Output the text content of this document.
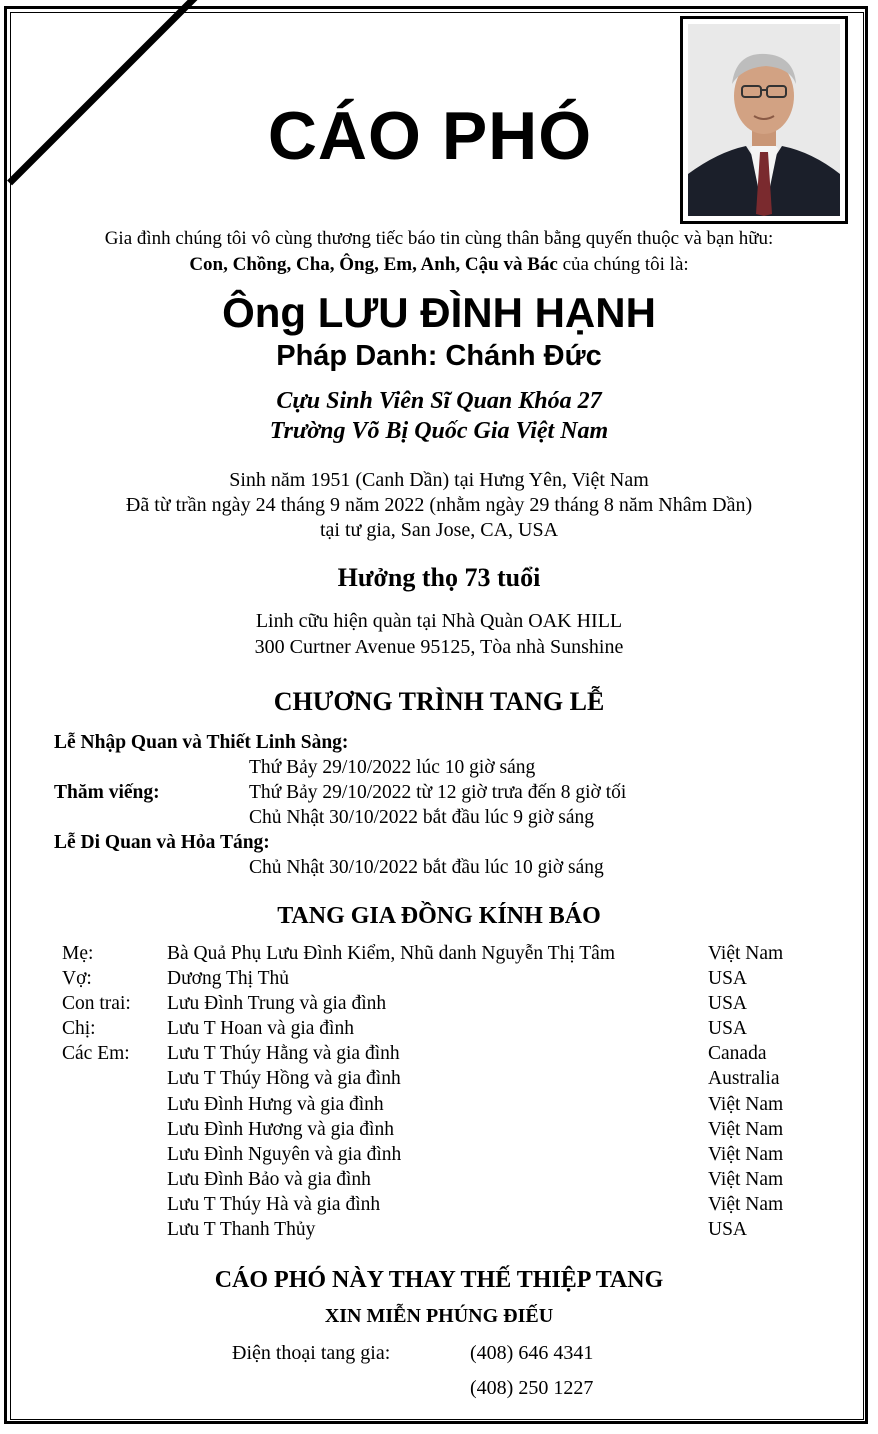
CÁO PHÓ
Gia đình chúng tôi vô cùng thương tiếc báo tin cùng thân bằng quyến thuộc và bạn hữu:
Con, Chồng, Cha, Ông, Em, Anh, Cậu và Bác của chúng tôi là:
Ông LƯU ĐÌNH HẠNH
Pháp Danh: Chánh Đức
Cựu Sinh Viên Sĩ Quan Khóa 27
Trường Võ Bị Quốc Gia Việt Nam
Sinh năm 1951 (Canh Dần) tại Hưng Yên, Việt Nam
Đã từ trần ngày 24 tháng 9 năm 2022 (nhằm ngày 29 tháng 8 năm Nhâm Dần)
tại tư gia, San Jose, CA, USA
Hưởng thọ 73 tuổi
Linh cữu hiện quàn tại Nhà Quàn OAK HILL
300 Curtner Avenue 95125, Tòa nhà Sunshine
CHƯƠNG TRÌNH TANG LỄ
Lễ Nhập Quan và Thiết Linh Sàng:
Thứ Bảy 29/10/2022 lúc 10 giờ sáng
Thăm viếng:	Thứ Bảy 29/10/2022 từ 12 giờ trưa đến 8 giờ tối
Chủ Nhật 30/10/2022 bắt đầu lúc 9 giờ sáng
Lễ Di Quan và Hỏa Táng:
Chủ Nhật 30/10/2022 bắt đầu lúc 10 giờ sáng
TANG GIA ĐỒNG KÍNH BÁO
Mẹ:	Bà Quả Phụ Lưu Đình Kiểm, Nhũ danh Nguyễn Thị Tâm	Việt Nam
Vợ:	Dương Thị Thủ	USA
Con trai: Lưu Đình Trung và gia đình	USA
Chị:	Lưu T Hoan và gia đình	USA
Các Em: Lưu T Thúy Hằng và gia đình	Canada
Lưu T Thúy Hồng và gia đình	Australia
Lưu Đình Hưng và gia đình	Việt Nam
Lưu Đình Hương và gia đình	Việt Nam
Lưu Đình Nguyên và gia đình	Việt Nam
Lưu Đình Bảo và gia đình	Việt Nam
Lưu T Thúy Hà và gia đình	Việt Nam
Lưu T Thanh Thủy	USA
CÁO PHÓ NÀY THAY THẾ THIỆP TANG
XIN MIỄN PHÚNG ĐIẾU
Điện thoại tang gia:	(408) 646 4341
(408) 250 1227
